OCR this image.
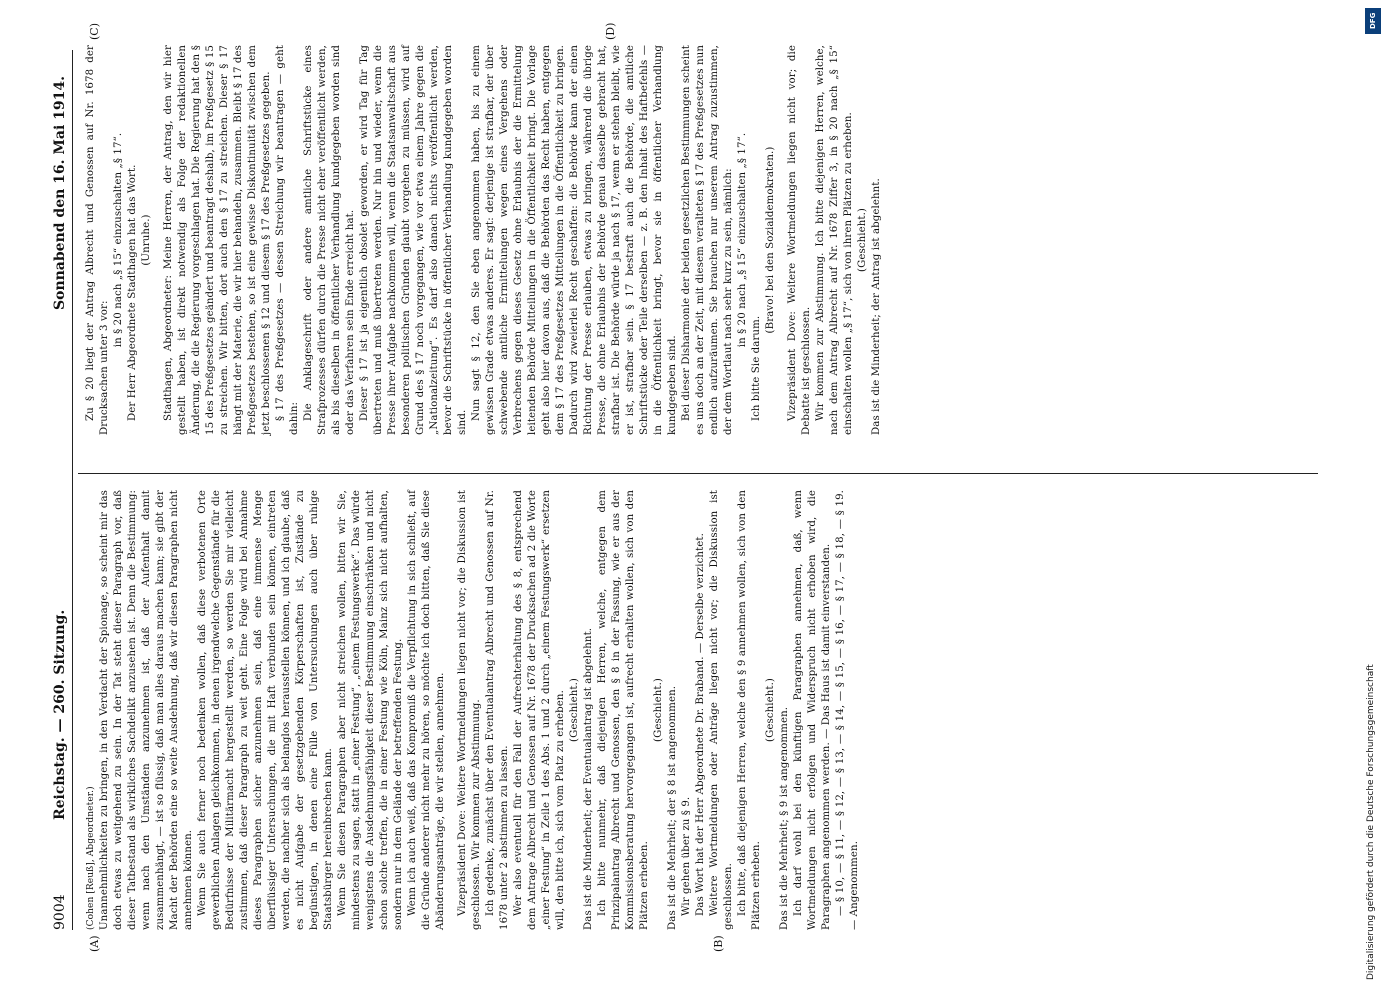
9004
Reichstag. — 260. Sitzung.
Sonnabend den 16. Mai 1914.
(A)	(B)
(C)	(D)

(Cohen [Reuß], Abgeordneter.) Unannehmlichkeiten zu bringen, in den Verdacht der Spionage, so scheint mir das doch etwas zu weitgehend zu sein. In der Tat steht dieser Paragraph vor, daß dieser Tatbestand als wirkliches Sachdelikt anzusehen ist. Denn die Bestimmung: wenn nach den Umständen anzunehmen ist, daß der Aufenthalt damit zusammenhängt, — ist so flüssig, daß man alles daraus machen kann; sie gibt der Macht der Behörden eine so weite Ausdehnung, daß wir diesen Paragraphen nicht annehmen können. Wenn Sie auch ferner noch bedenken wollen, daß diese verbotenen Orte gewerblichen Anlagen gleichkommen, in denen irgendwelche Gegenstände für die Bedürfnisse der Militärmacht hergestellt werden, so werden Sie mir vielleicht zustimmen, daß dieser Paragraph zu weit geht. Eine Folge wird bei Annahme dieses Paragraphen sicher anzunehmen sein, daß eine immense Menge überflüssiger Untersuchungen, die mit Haft verbunden sein können, eintreten werden, die nachher sich als belanglos herausstellen können, und ich glaube, daß es nicht Aufgabe der gesetzgebenden Körperschaften ist, Zustände zu begünstigen, in denen eine Fülle von Untersuchungen auch über ruhige Staatsbürger hereinbrechen kann. Wenn Sie diesen Paragraphen aber nicht streichen wollen, bitten wir Sie, mindestens zu sagen, statt in „einer Festung“, „einem Festungswerke“. Das würde wenigstens die Ausdehnungsfähigkeit dieser Bestimmung einschränken und nicht schon solche treffen, die in einer Festung wie Köln, Mainz sich nicht aufhalten, sondern nur in dem Gelände der betreffenden Festung. Wenn ich auch weiß, daß das Kompromiß die Verpflichtung in sich schließt, auf die Gründe anderer nicht mehr zu hören, so möchte ich doch bitten, daß Sie diese Abänderungsanträge, die wir stellen, annehmen. Vizepräsident Dove: Weitere Wortmeldungen liegen nicht vor; die Diskussion ist geschlossen. Wir kommen zur Abstimmung. Ich gedenke, zunächst über den Eventualantrag Albrecht und Genossen auf Nr. 1678 unter 2 abstimmen zu lassen. Wer also eventuell für den Fall der Aufrechterhaltung des § 8, entsprechend dem Antrage Albrecht und Genossen auf Nr. 1678 der Drucksachen ad 2 die Worte „einer Festung“ in Zeile 1 des Abs. 1 und 2 durch „einem Festungswerk“ ersetzen will, den bitte ich, sich vom Platz zu erheben. (Geschieht.) Das ist die Minderheit; der Eventualantrag ist abgelehnt. Ich bitte nunmehr, daß diejenigen Herren, welche, entgegen dem Prinzipalantrag Albrecht und Genossen, den § 8 in der Fassung, wie er aus der Kommissionsberatung hervorgegangen ist, aufrecht erhalten wollen, sich von den Plätzen erheben.

(Geschieht.) Das ist die Mehrheit; der § 8 ist angenommen. Wir gehen über zu § 9. Das Wort hat der Herr Abgeordnete Dr. Braband. — Derselbe verzichtet. Weitere Wortmeldungen oder Anträge liegen nicht vor; die Diskussion ist geschlossen. Ich bitte, daß diejenigen Herren, welche den § 9 annehmen wollen, sich von den Plätzen erheben.

(Geschieht.) Das ist die Mehrheit; § 9 ist angenommen. Ich darf wohl bei den künftigen Paragraphen annehmen, daß, wenn Wortmeldungen nicht erfolgen und Widerspruch nicht erhoben wird, die Paragraphen angenommen werden. — Das Haus ist damit einverstanden. — § 10, — § 11, — § 12, — § 13, — § 14, — § 15, — § 16, — § 17, — § 18, — § 19. — Angenommen.

Zu § 20 liegt der Antrag Albrecht und Genossen auf Nr. 1678 der Drucksachen unter 3 vor:

in § 20 nach „§ 15“ einzuschalten „§ 17“. Der Herr Abgeordnete Stadthagen hat das Wort. (Unruhe.) Stadthagen, Abgeordneter: Meine Herren, der Antrag, den wir hier gestellt haben, ist direkt notwendig als Folge der redaktionellen Änderung, die die Regierung vorgeschlagen hat. Die Regierung hat den § 15 des Preßgesetzes geändert und beantragt deshalb, im Preßgesetz § 15 zu streichen. Wir bitten, dort auch den § 17 zu streichen. Dieser § 17 hängt mit der Materie, die wir hier behandeln, zusammen. Bleibt § 17 des Preßgesetzes bestehen, so ist eine gewisse Diskontinuität zwischen dem jetzt beschlossenen § 12 und diesem § 17 des Preßgesetzes gegeben. § 17 des Preßgesetzes — dessen Streichung wir beantragen — geht dahin: Die Anklageschrift oder andere amtliche Schriftstücke eines Strafprozesses dürfen durch die Presse nicht eher veröffentlicht werden, als bis dieselben in öffentlicher Verhandlung kundgegeben worden sind oder das Verfahren sein Ende erreicht hat. Dieser § 17 ist ja eigentlich obsolet geworden, er wird Tag für Tag übertreten und muß übertreten werden. Nur hin und wieder, wenn die Presse ihrer Aufgabe nachkommen will, wenn die Staatsanwaltschaft aus besonderen politischen Gründen glaubt vorgehen zu müssen, wird auf Grund des § 17 noch vorgegangen, wie vor etwa einem Jahre gegen die „Nationalzeitung“. Es darf also danach nichts veröffentlicht werden, bevor die Schriftstücke in öffentlicher Verhandlung kundgegeben worden sind.

Nun sagt § 12, den Sie eben angenommen haben, bis zu einem gewissen Grade etwas anderes. Er sagt: derjenige ist strafbar, der über schwebende amtliche Ermittelungen wegen eines Vergehens oder Verbrechens gegen dieses Gesetz ohne Erlaubnis der die Ermittelung leitenden Behörde Mitteilungen in die Öffentlichkeit bringt. Die Vorlage geht also hier davon aus, daß die Behörden das Recht haben, entgegen dem § 17 des Preßgesetzes Mitteilungen in die Öffentlichkeit zu bringen. Dadurch wird zweierlei Recht geschaffen: die Behörde kann der einen Richtung der Presse erlauben, etwas zu bringen, während die übrige Presse, die ohne Erlaubnis der Behörde genau dasselbe gebracht hat, strafbar ist. Die Behörde würde ja nach § 17, wenn er stehen bleibt, wie er ist, strafbar sein. § 17 bestraft auch die Behörde, die amtliche Schriftstücke oder Teile derselben — z. B. den Inhalt des Haftbefehls — in die Öffentlichkeit bringt, bevor sie in öffentlicher Verhandlung kundgegeben sind. Bei dieser Disharmonie der beiden gesetzlichen Bestimmungen scheint es uns doch an der Zeit, mit diesem veralteten § 17 des Preßgesetzes nun endlich aufzuräumen. Sie brauchen nur unserem Antrag zuzustimmen, der dem Wortlaut nach sehr kurz zu sein, nämlich: in § 20 nach „§ 15“ einzuschalten „§ 17“.

Ich bitte Sie darum.

(Bravo! bei den Sozialdemokraten.) Vizepräsident Dove: Weitere Wortmeldungen liegen nicht vor; die Debatte ist geschlossen. Wir kommen zur Abstimmung. Ich bitte diejenigen Herren, welche, nach dem Antrag Albrecht auf Nr. 1678 Ziffer 3, in § 20 nach „§ 15“ einschalten wollen „§ 17“, sich von ihren Plätzen zu erheben. (Geschieht.) Das ist die Minderheit; der Antrag ist abgelehnt.

DFG
Digitalisierung gefördert durch die Deutsche Forschungsgemeinschaft
